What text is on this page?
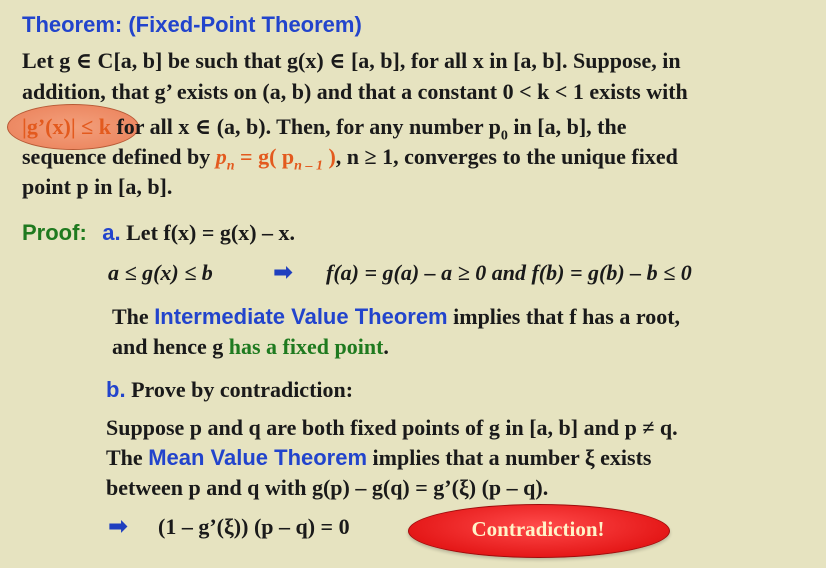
Theorem: (Fixed-Point Theorem)
Let g ∈ C[a, b] be such that g(x) ∈ [a, b], for all x in [a, b]. Suppose, in
addition, that g’ exists on (a, b) and that a constant 0 < k < 1 exists with
|g’(x)| ≤ k for all x ∈ (a, b). Then, for any number $p_0$ in [a, b], the
sequence defined by $p_n = g$( $p_{n - 1}$ ), n ≥ 1, converges to the unique fixed
point p in [a, b].
Proof: a. Let f(x) = g(x) – x.
a ≤ g(x) ≤ b	➡ f(a) = g(a) – a ≥ 0 and f(b) = g(b) – b ≤ 0
The Intermediate Value Theorem implies that f has a root,
and hence g has a fixed point.
b. Prove by contradiction:
Suppose p and q are both fixed points of g in [a, b] and p ≠ q.
The Mean Value Theorem implies that a number ξ exists
between p and q with g(p) – g(q) = g’(ξ) (p – q).
➡ (1 – g’(ξ)) (p – q) = 0	Contradiction!
